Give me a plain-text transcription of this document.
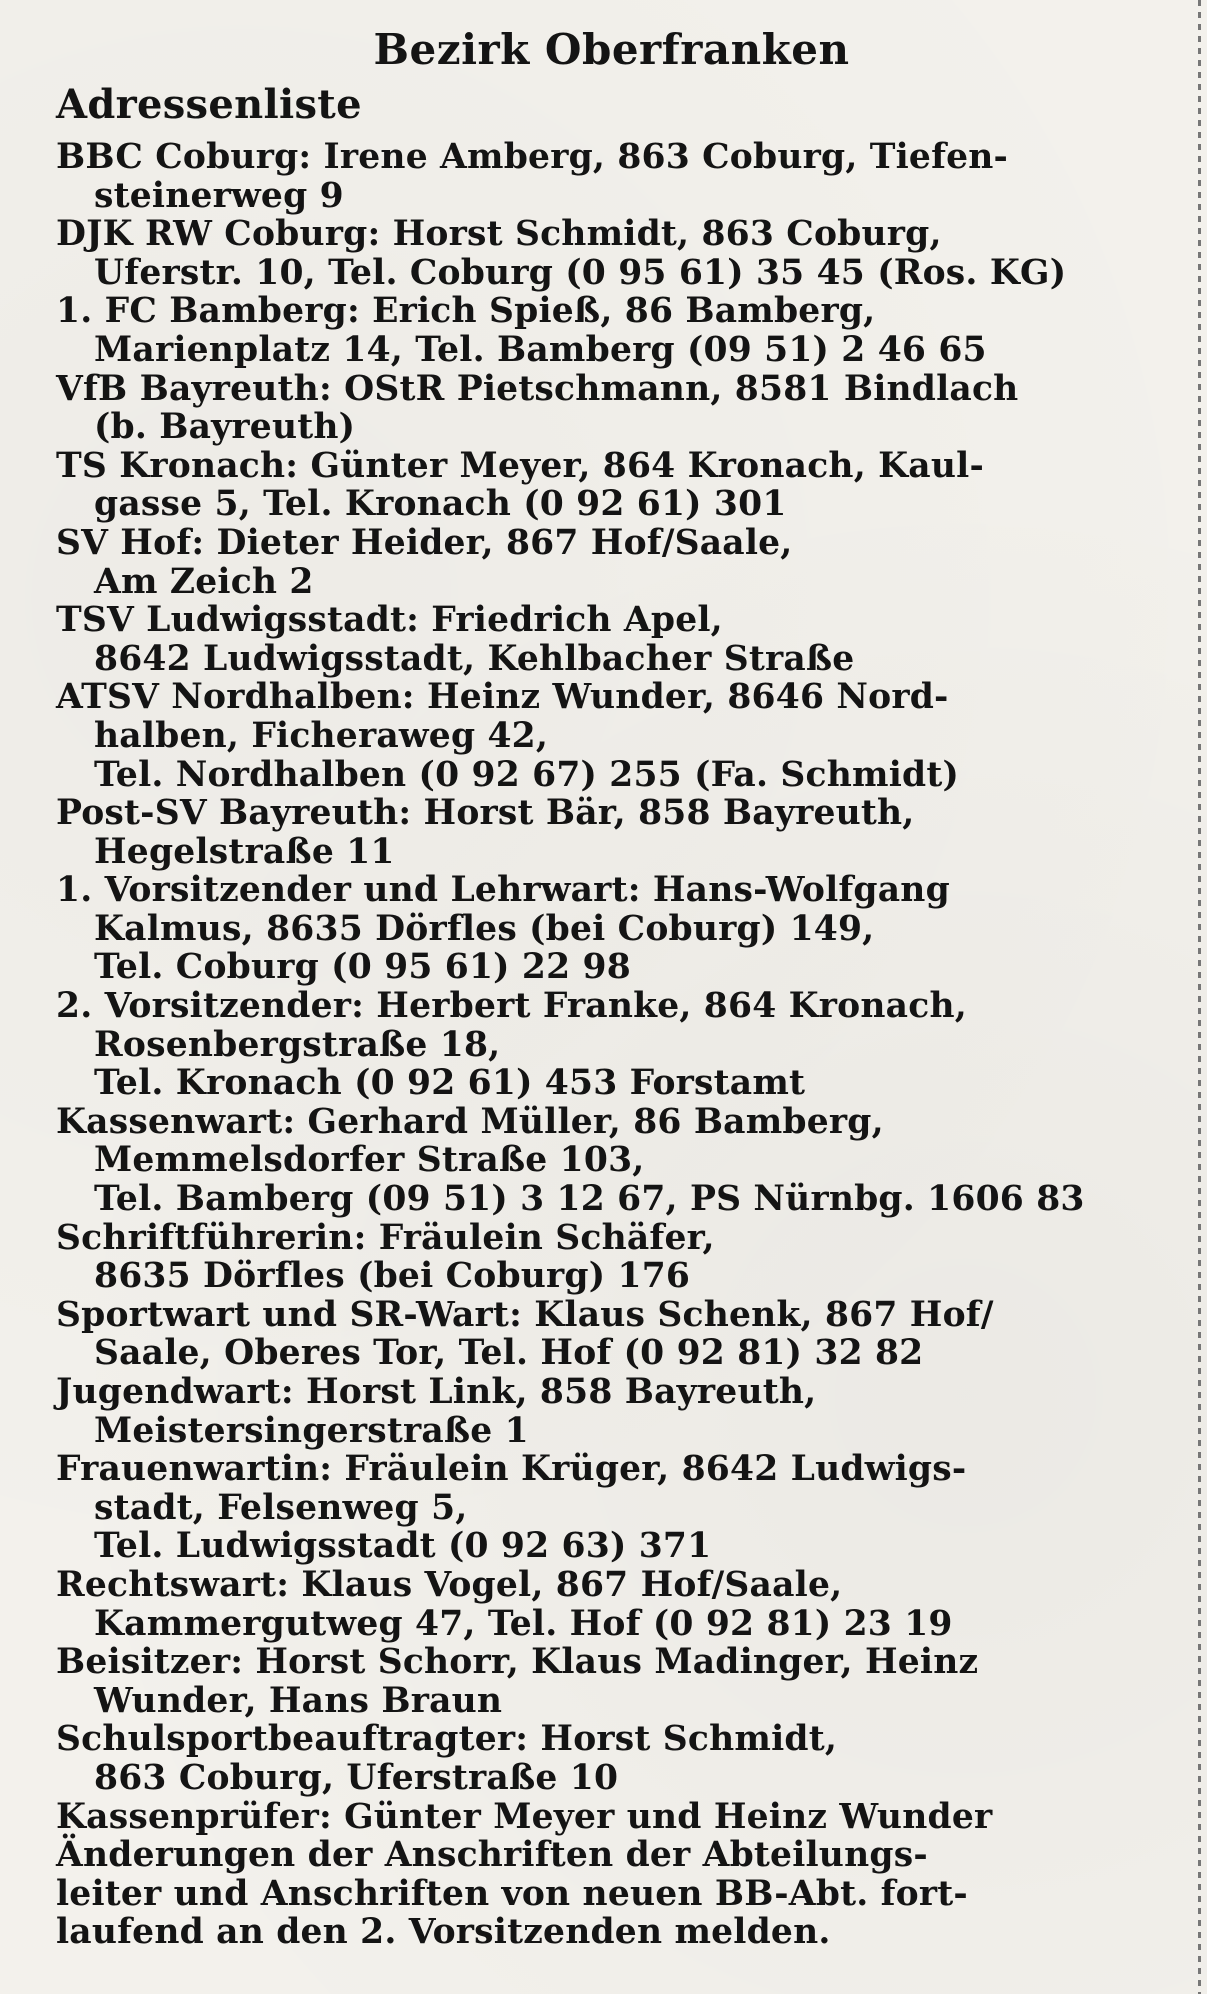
Bezirk Oberfranken
Adressenliste
BBC Coburg: Irene Amberg, 863 Coburg, Tiefen-
steinerweg 9
DJK RW Coburg: Horst Schmidt, 863 Coburg,
Uferstr. 10, Tel. Coburg (0 95 61) 35 45 (Ros. KG)
1. FC Bamberg: Erich Spieß, 86 Bamberg,
Marienplatz 14, Tel. Bamberg (09 51) 2 46 65
VfB Bayreuth: OStR Pietschmann, 8581 Bindlach
(b. Bayreuth)
TS Kronach: Günter Meyer, 864 Kronach, Kaul-
gasse 5, Tel. Kronach (0 92 61) 301
SV Hof: Dieter Heider, 867 Hof/Saale,
Am Zeich 2
TSV Ludwigsstadt: Friedrich Apel,
8642 Ludwigsstadt, Kehlbacher Straße
ATSV Nordhalben: Heinz Wunder, 8646 Nord-
halben, Ficheraweg 42,
Tel. Nordhalben (0 92 67) 255 (Fa. Schmidt)
Post-SV Bayreuth: Horst Bär, 858 Bayreuth,
Hegelstraße 11
1. Vorsitzender und Lehrwart: Hans-Wolfgang
Kalmus, 8635 Dörfles (bei Coburg) 149,
Tel. Coburg (0 95 61) 22 98
2. Vorsitzender: Herbert Franke, 864 Kronach,
Rosenbergstraße 18,
Tel. Kronach (0 92 61) 453 Forstamt
Kassenwart: Gerhard Müller, 86 Bamberg,
Memmelsdorfer Straße 103,
Tel. Bamberg (09 51) 3 12 67, PS Nürnbg. 1606 83
Schriftführerin: Fräulein Schäfer,
8635 Dörfles (bei Coburg) 176
Sportwart und SR-Wart: Klaus Schenk, 867 Hof/
Saale, Oberes Tor, Tel. Hof (0 92 81) 32 82
Jugendwart: Horst Link, 858 Bayreuth,
Meistersingerstraße 1
Frauenwartin: Fräulein Krüger, 8642 Ludwigs-
stadt, Felsenweg 5,
Tel. Ludwigsstadt (0 92 63) 371
Rechtswart: Klaus Vogel, 867 Hof/Saale,
Kammergutweg 47, Tel. Hof (0 92 81) 23 19
Beisitzer: Horst Schorr, Klaus Madinger, Heinz
Wunder, Hans Braun
Schulsportbeauftragter: Horst Schmidt,
863 Coburg, Uferstraße 10
Kassenprüfer: Günter Meyer und Heinz Wunder
Änderungen der Anschriften der Abteilungs-
leiter und Anschriften von neuen BB-Abt. fort-
laufend an den 2. Vorsitzenden melden.
